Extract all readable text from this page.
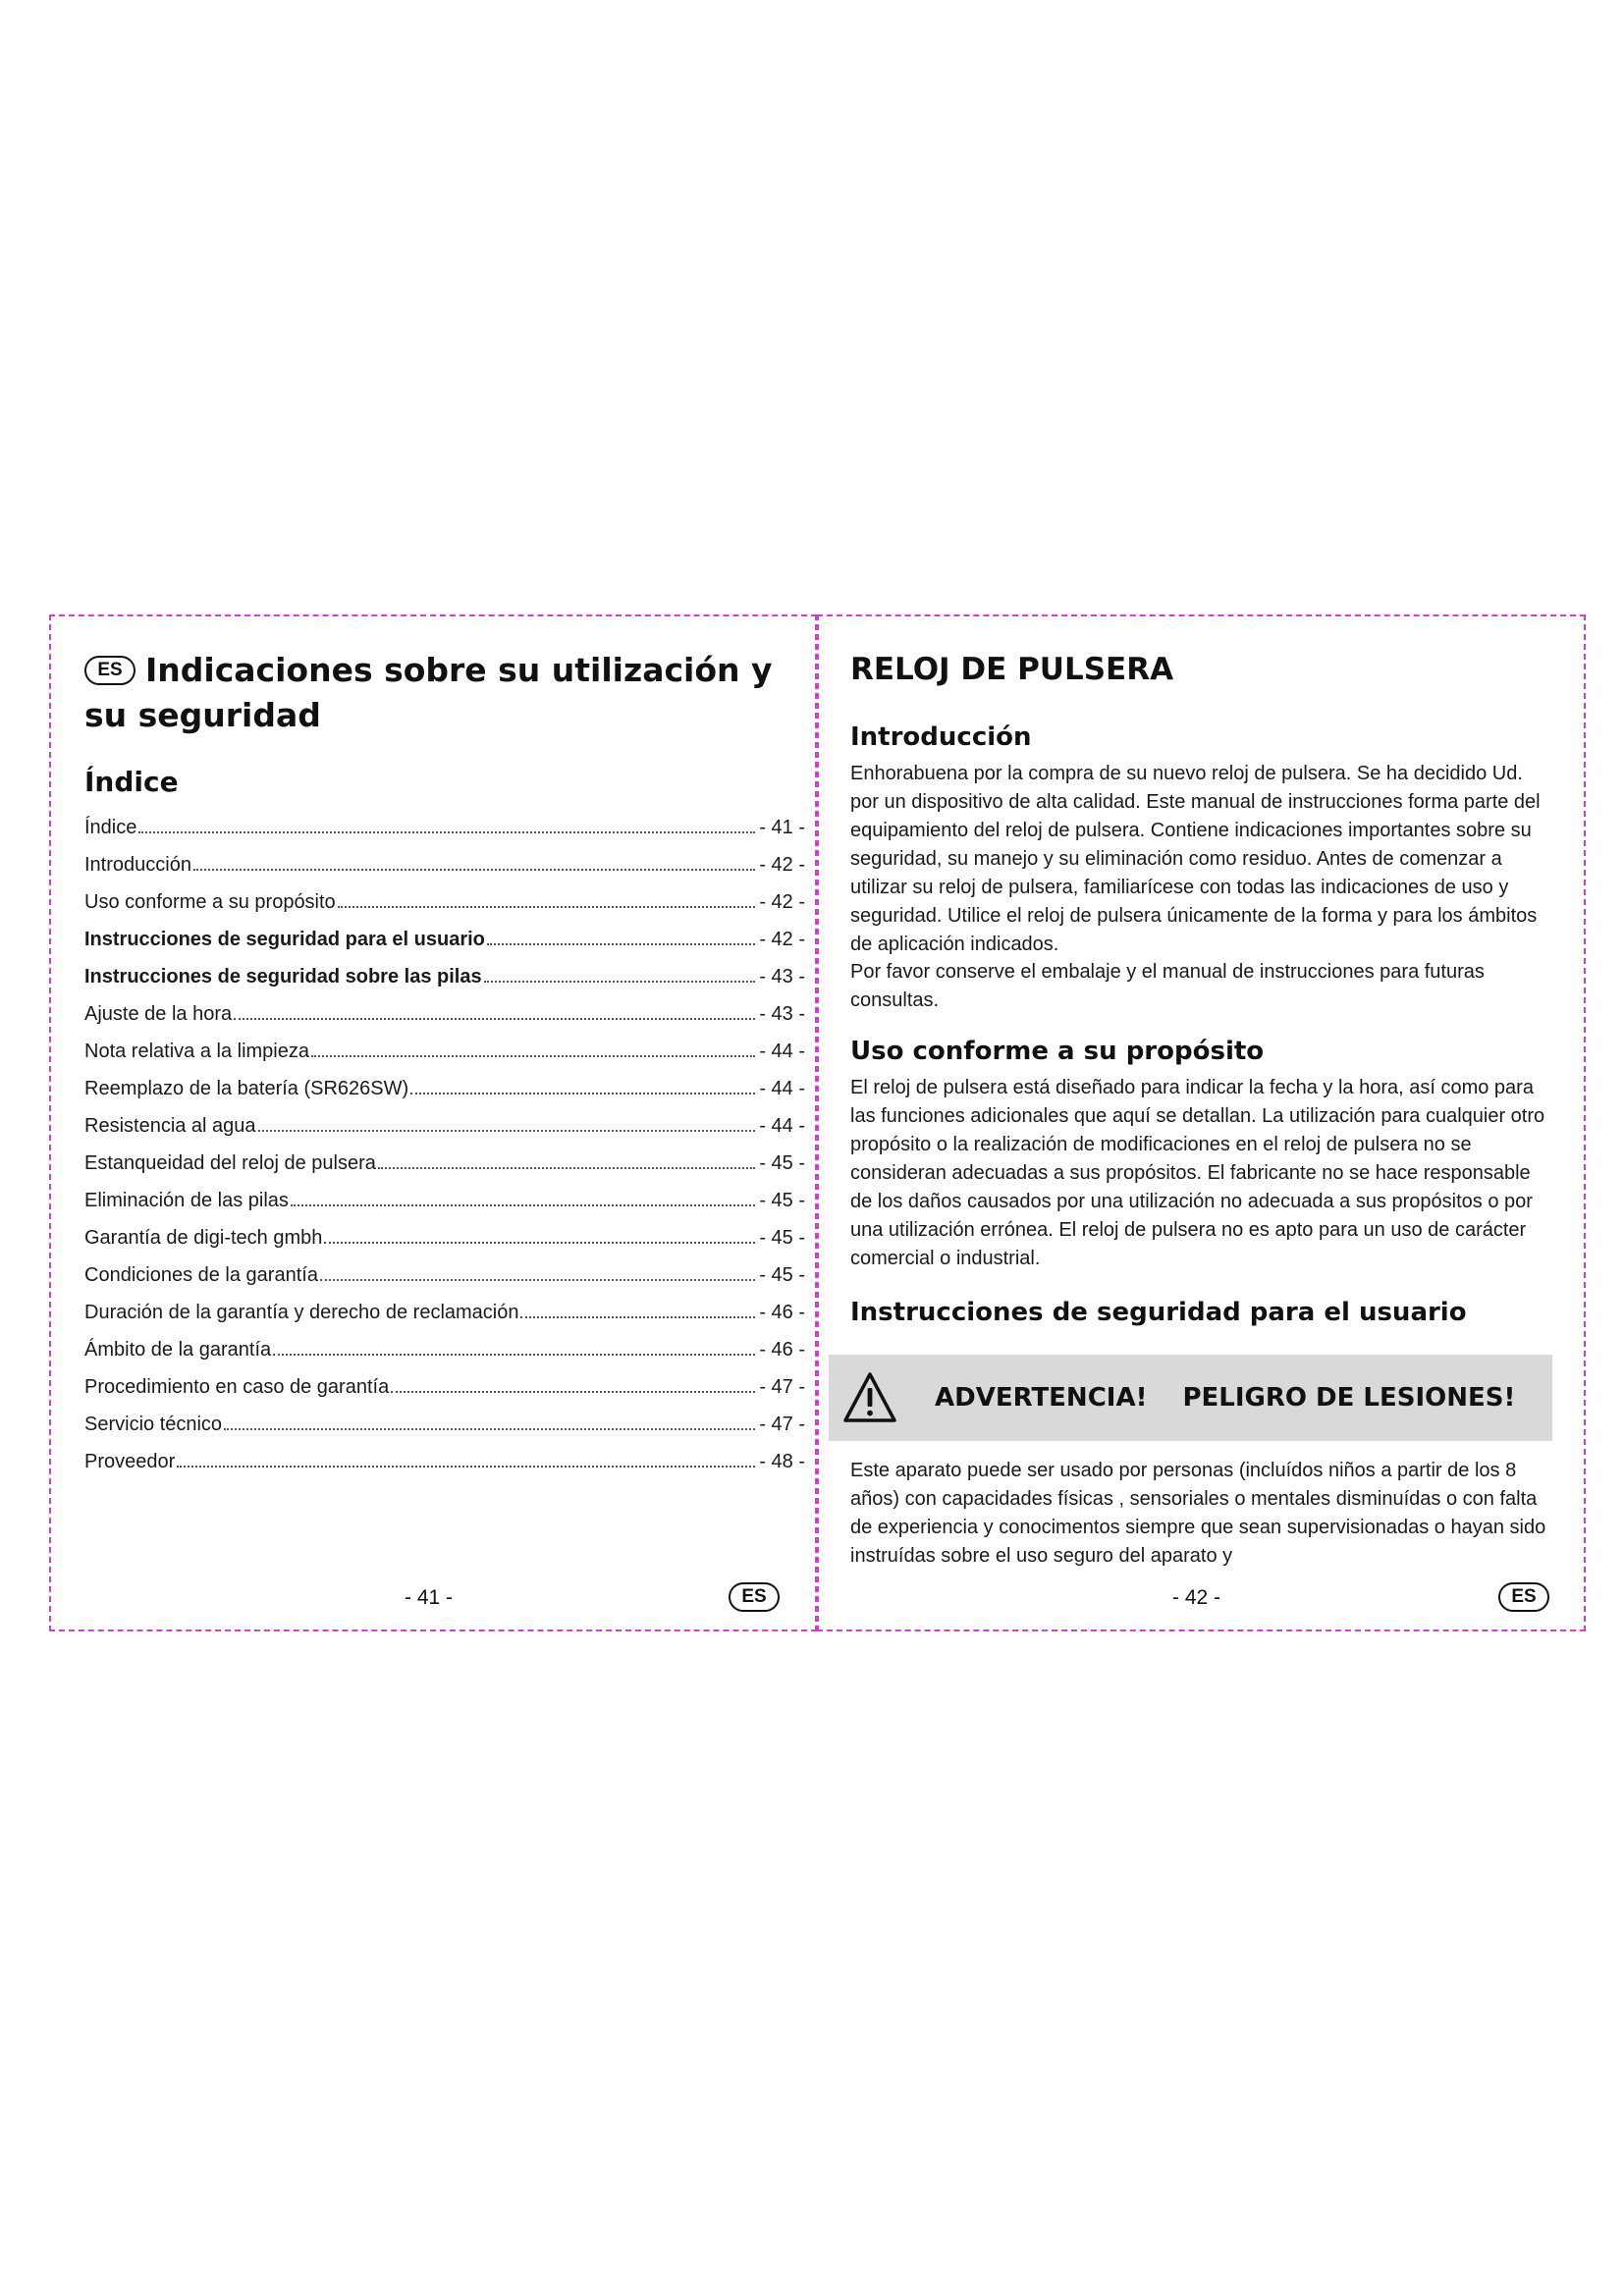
ES Indicaciones sobre su utilización y su seguridad
Índice
Índice	- 41 -
Introducción	- 42 -
Uso conforme a su propósito	- 42 -
Instrucciones de seguridad para el usuario	- 42 -
Instrucciones de seguridad sobre las pilas	- 43 -
Ajuste de la hora	- 43 -
Nota relativa a la limpieza	- 44 -
Reemplazo de la batería (SR626SW)	- 44 -
Resistencia al agua	- 44 -
Estanqueidad del reloj de pulsera	- 45 -
Eliminación de las pilas	- 45 -
Garantía de digi-tech gmbh	- 45 -
Condiciones de la garantía	- 45 -
Duración de la garantía y derecho de reclamación	- 46 -
Ámbito de la garantía	- 46 -
Procedimiento en caso de garantía	- 47 -
Servicio técnico	- 47 -
Proveedor	- 48 -
- 41 -	ES
RELOJ DE PULSERA
Introducción

Enhorabuena por la compra de su nuevo reloj de pulsera. Se ha decidido Ud. por un dispositivo de alta calidad. Este manual de instrucciones forma parte del equipamiento del reloj de pulsera. Contiene indicaciones importantes sobre su seguridad, su manejo y su eliminación como residuo. Antes de comenzar a utilizar su reloj de pulsera, familiarícese con todas las indicaciones de uso y seguridad. Utilice el reloj de pulsera únicamente de la forma y para los ámbitos de aplicación indicados.

Por favor conserve el embalaje y el manual de instrucciones para futuras consultas.

Uso conforme a su propósito

El reloj de pulsera está diseñado para indicar la fecha y la hora, así como para las funciones adicionales que aquí se detallan. La utilización para cualquier otro propósito o la realización de modificaciones en el reloj de pulsera no se consideran adecuadas a sus propósitos. El fabricante no se hace responsable de los daños causados por una utilización no adecuada a sus propósitos o por una utilización errónea. El reloj de pulsera no es apto para un uso de carácter comercial o industrial.

Instrucciones de seguridad para el usuario
ADVERTENCIA! PELIGRO DE LESIONES!

Este aparato puede ser usado por personas (incluídos niños a partir de los 8 años) con capacidades físicas , sensoriales o mentales disminuídas o con falta de experiencia y conocimentos siempre que sean supervisionadas o hayan sido instruídas sobre el uso seguro del aparato y

- 42 -	ES
